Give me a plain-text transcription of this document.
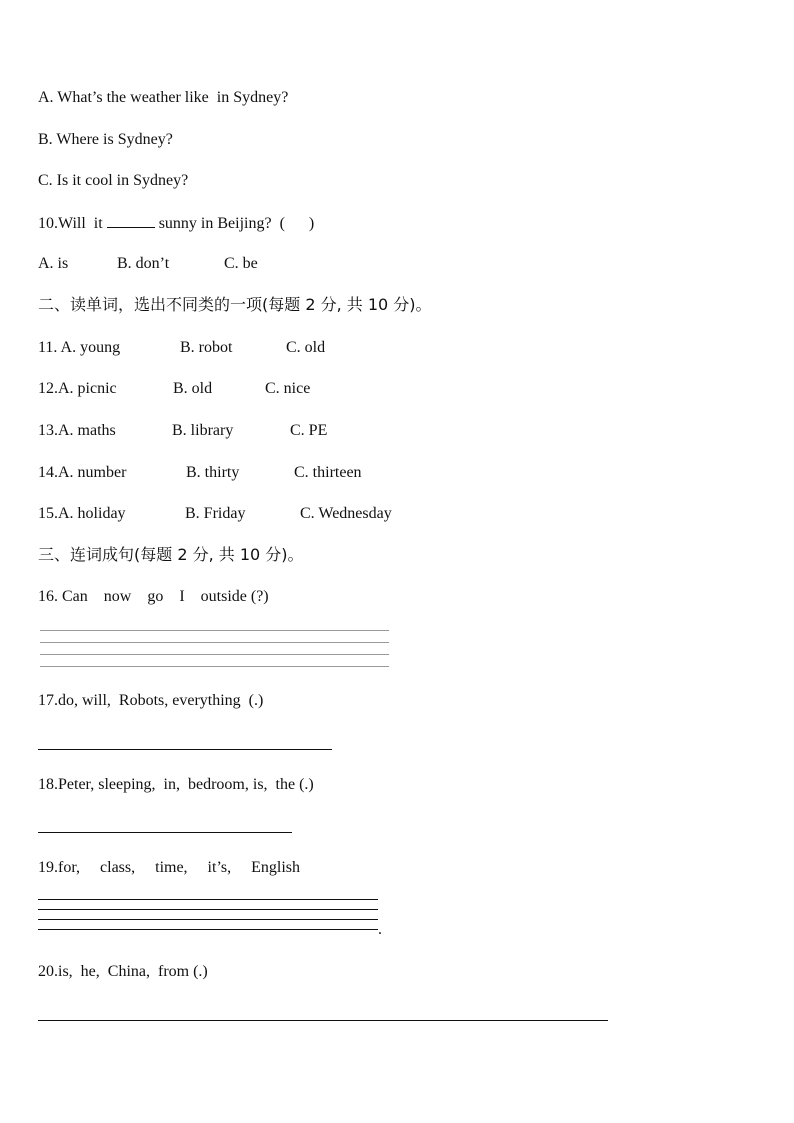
A. What’s the weather like  in Sydney?
B. Where is Sydney?
C. Is it cool in Sydney?
10.Will  it	sunny in Beijing?  (      )
A. is	B. don’t	C. be
二、读单词，选出不同类的一项(每题 2 分, 共 10 分)。
11. A. young	B. robot	C. old
12.A. picnic	B. old	C. nice
13.A. maths	B. library	C. PE
14.A. number	B. thirty	C. thirteen
15.A. holiday	B. Friday	C. Wednesday
三、连词成句(每题 2 分, 共 10 分)。
16. Can    now    go    I    outside (?)
17.do, will,  Robots, everything  (.)
18.Peter, sleeping,  in,  bedroom, is,  the (.)
19.for,     class,     time,     it’s,     English
.
20.is,  he,  China,  from (.)
